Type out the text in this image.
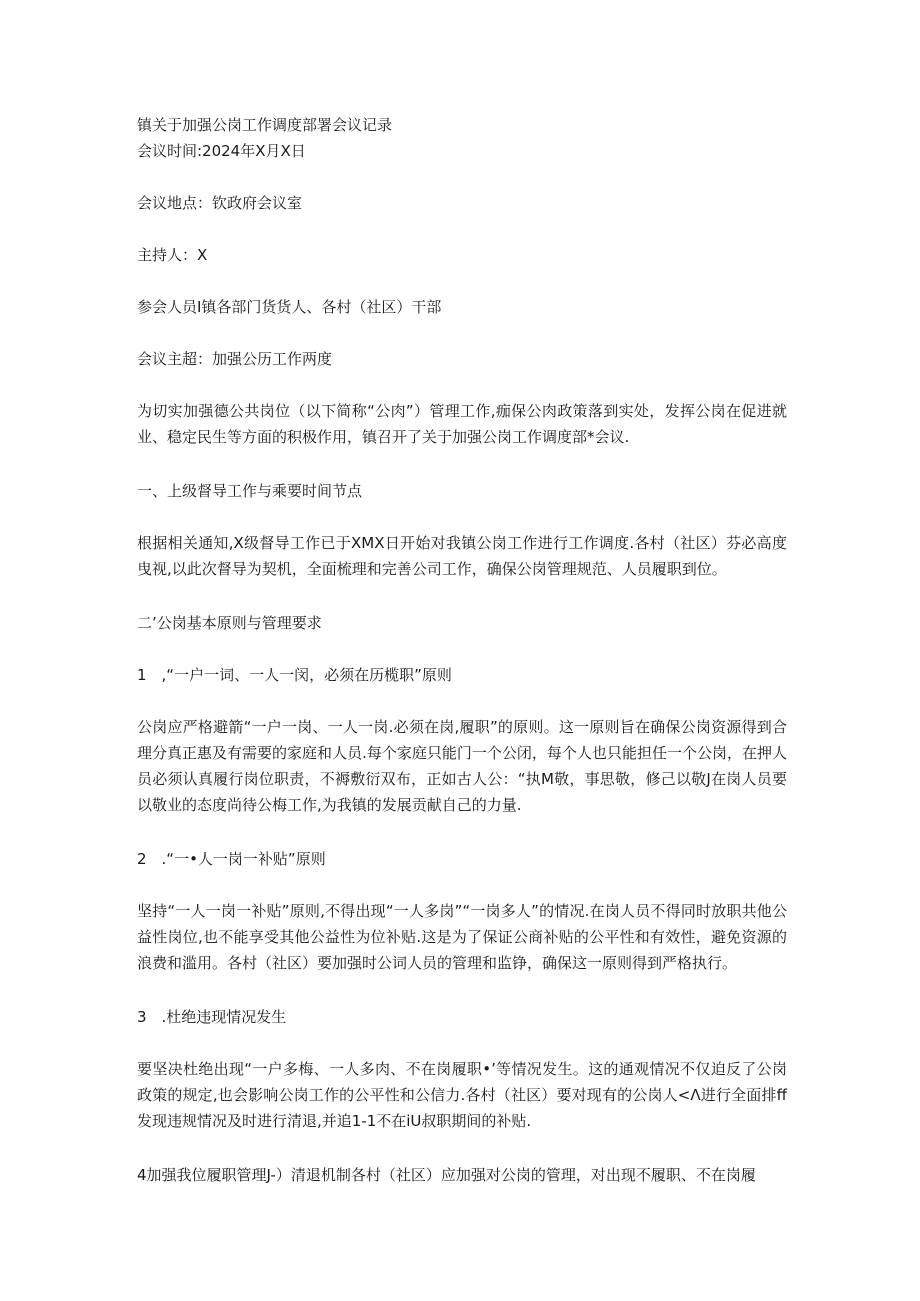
镇关于加强公岗工作调度部署会议记录

会议时间:2024年X月X日

会议地点：钦政府会议室

主持人：X

参会人员I镇各部门货货人、各村（社区）干部

会议主超：加强公历工作两度

为切实加强德公共岗位（以下简称“公肉”）管理工作,痂保公肉政策落到实处，发挥公岗在促进就业、稳定民生等方面的积极作用，镇召开了关于加强公岗工作调度部*会议.

一、上级督导工作与乘要时间节点

根据相关通知,X级督导工作已于XMX日开始对我镇公岗工作进行工作调度.各村（社区）芬必高度曳视,以此次督导为契机，全面梳理和完善公司工作，确保公岗管理规范、人员履职到位。

二’公岗基本原则与管理要求

1　,“一户一词、一人一闵，必须在历榄职”原则

公岗应严格避箭“一户一岗、一人一岗.必须在岗,履职”的原则。这一原则旨在确保公岗资源得到合理分真正惠及有需要的家庭和人员.每个家庭只能门一个公闭，每个人也只能担任一个公岗，在押人员必须认真履行岗位职责，不褥敷衍双布，正如古人公：“执M敬，事思敬，修己以敬J在岗人员要以敬业的态度尚待公梅工作,为我镇的发展贡献自己的力量.

2　.“一•人一岗一补贴”原则

坚持“一人一岗一补贴”原则,不得出现“一人多岗”“一岗多人”的情况.在岗人员不得同时放职共他公益性岗位,也不能享受其他公益性为位补贴.这是为了保证公商补贴的公平性和有效性，避免资源的浪费和滥用。各村（社区）要加强时公词人员的管理和监铮，确保这一原则得到严格执行。

3　.杜绝违现情况发生

要坚决杜绝出现“一户多梅、一人多肉、不在岗履职•’等情况发生。这的通观情况不仅迫反了公岗政策的规定,也会影响公岗工作的公平性和公信力.各村（社区）要对现有的公岗人<Λ进行全面排ff发现违规情况及时进行清退,并追1-1不在iU叔职期间的补贴.

4加强我位履职管理J-）清退机制各村（社区）应加强对公岗的管理，对出现不履职、不在岗履
